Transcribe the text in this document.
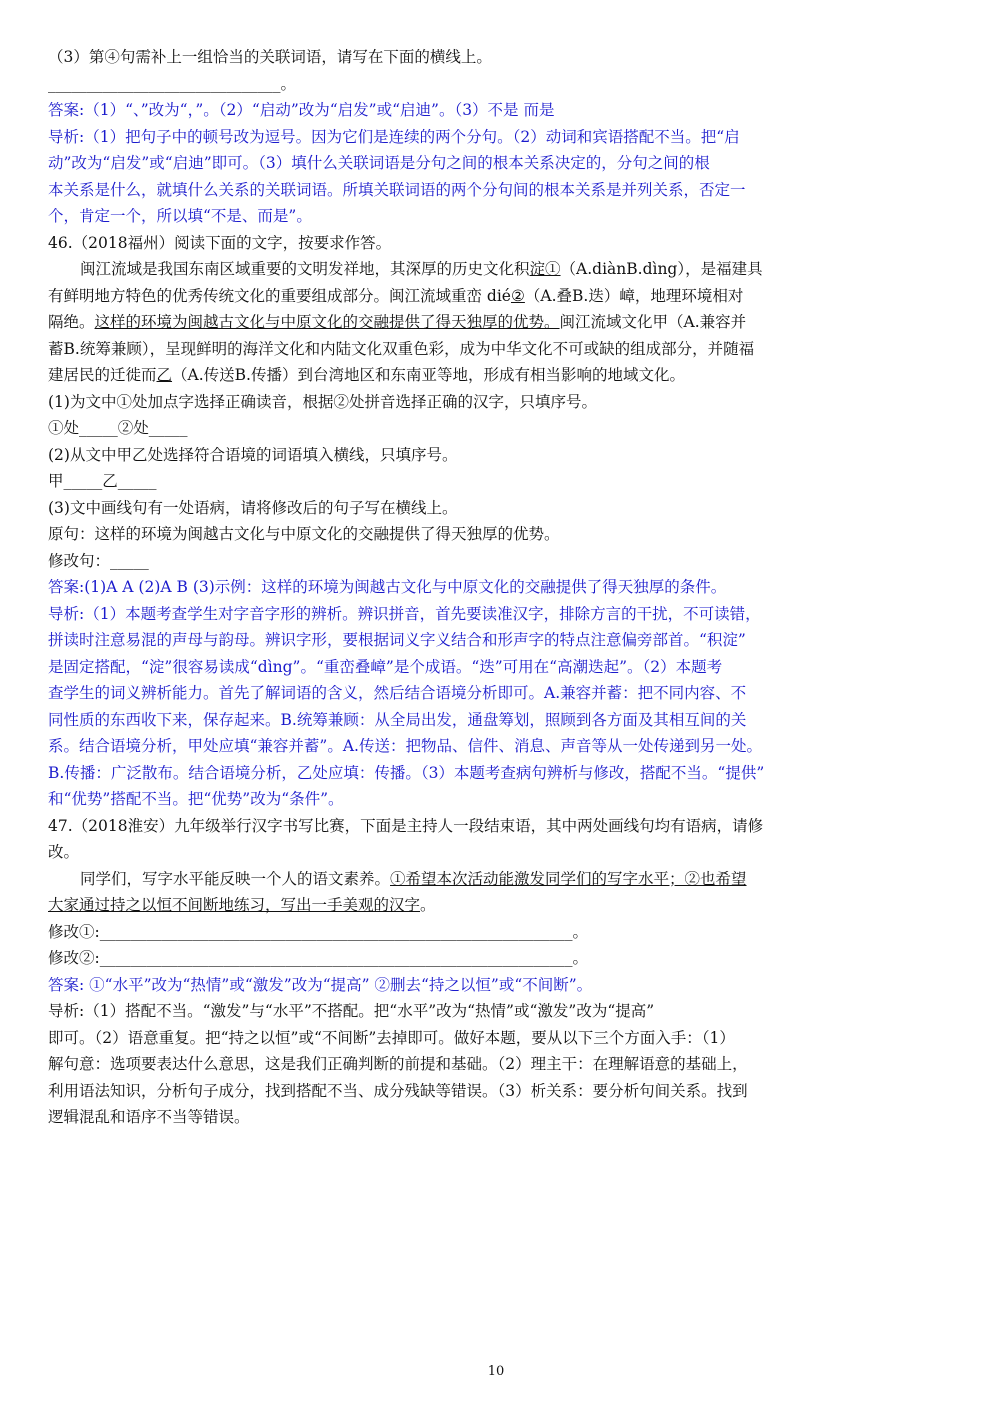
（3）第④句需补上一组恰当的关联词语，请写在下面的横线上。
______________________________。
答案:（1）“、”改为“，”。（2）“启动”改为“启发”或“启迪”。（3）不是 而是
导析:（1）把句子中的顿号改为逗号。因为它们是连续的两个分句。（2）动词和宾语搭配不当。把“启
动”改为“启发”或“启迪”即可。（3）填什么关联词语是分句之间的根本关系决定的，分句之间的根
本关系是什么，就填什么关系的关联词语。所填关联词语的两个分句间的根本关系是并列关系，否定一
个，肯定一个，所以填“不是、而是”。
46.（2018福州）阅读下面的文字，按要求作答。
闽江流域是我国东南区域重要的文明发祥地，其深厚的历史文化积淀①（A.diànB.dìng），是福建具
有鲜明地方特色的优秀传统文化的重要组成部分。闽江流域重峦 dié②（A.叠B.迭）嶂，地理环境相对
隔绝。这样的环境为闽越古文化与中原文化的交融提供了得天独厚的优势。闽江流域文化甲（A.兼容并
蓄B.统筹兼顾），呈现鲜明的海洋文化和内陆文化双重色彩，成为中华文化不可或缺的组成部分，并随福
建居民的迁徙而乙（A.传送B.传播）到台湾地区和东南亚等地，形成有相当影响的地域文化。
(1)为文中①处加点字选择正确读音，根据②处拼音选择正确的汉字，只填序号。
①处_____②处_____
(2)从文中甲乙处选择符合语境的词语填入横线，只填序号。
甲_____乙_____
(3)文中画线句有一处语病，请将修改后的句子写在横线上。
原句：这样的环境为闽越古文化与中原文化的交融提供了得天独厚的优势。
修改句：_____
答案:(1)A A (2)A B (3)示例：这样的环境为闽越古文化与中原文化的交融提供了得天独厚的条件。
导析:（1）本题考查学生对字音字形的辨析。辨识拼音，首先要读准汉字，排除方言的干扰，不可读错，
拼读时注意易混的声母与韵母。辨识字形，要根据词义字义结合和形声字的特点注意偏旁部首。“积淀”
是固定搭配，“淀”很容易读成“dìng”。“重峦叠嶂”是个成语。“迭”可用在“高潮迭起”。（2）本题考
查学生的词义辨析能力。首先了解词语的含义，然后结合语境分析即可。A.兼容并蓄：把不同内容、不
同性质的东西收下来，保存起来。B.统筹兼顾：从全局出发，通盘筹划，照顾到各方面及其相互间的关
系。结合语境分析，甲处应填“兼容并蓄”。A.传送：把物品、信件、消息、声音等从一处传递到另一处。
B.传播：广泛散布。结合语境分析，乙处应填：传播。（3）本题考查病句辨析与修改，搭配不当。“提供”
和“优势”搭配不当。把“优势”改为“条件”。
47.（2018淮安）九年级举行汉字书写比赛，下面是主持人一段结束语，其中两处画线句均有语病，请修
改。
同学们，写字水平能反映一个人的语文素养。①希望本次活动能激发同学们的写字水平；②也希望
大家通过持之以恒不间断地练习，写出一手美观的汉字。
修改①:_____________________________________________________________。
修改②:_____________________________________________________________。
答案: ①“水平”改为“热情”或“激发”改为“提高” ②删去“持之以恒”或“不间断”。
导析:（1）搭配不当。“激发”与“水平”不搭配。把“水平”改为“热情”或“激发”改为“提高”
即可。（2）语意重复。把“持之以恒”或“不间断”去掉即可。做好本题，要从以下三个方面入手：（1）
解句意：选项要表达什么意思，这是我们正确判断的前提和基础。（2）理主干：在理解语意的基础上，
利用语法知识，分析句子成分，找到搭配不当、成分残缺等错误。（3）析关系：要分析句间关系。找到
逻辑混乱和语序不当等错误。
10
